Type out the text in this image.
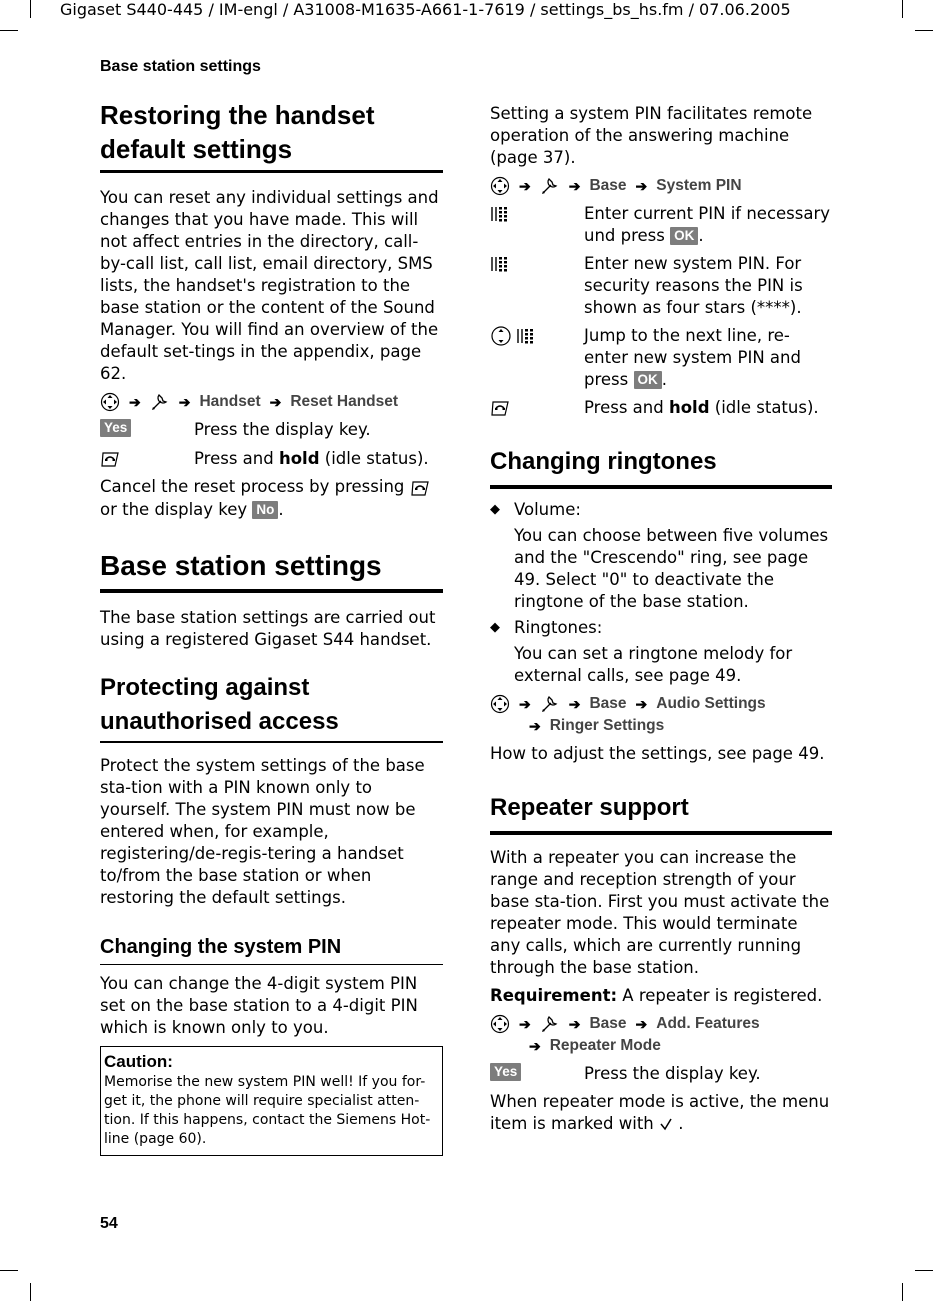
Gigaset S440-445 / IM-engl / A31008-M1635-A661-1-7619 / settings_bs_hs.fm / 07.06.2005
Base station settings
54
Restoring the handset default settings

You can reset any individual settings and changes that you have made. This will not affect entries in the directory, call-by-call list, call list, email directory, SMS lists, the handset's registration to the base station or the content of the Sound Manager. You will find an overview of the default set-tings in the appendix, page 62.

➔	➔ Handset ➔ Reset Handset
Yes	Press the display key.
Press and hold (idle status).

Cancel the reset process by pressing  or the display key No .

Base station settings

The base station settings are carried out using a registered Gigaset S44 handset.

Protecting against unauthorised access

Protect the system settings of the base sta-tion with a PIN known only to yourself. The system PIN must now be entered when, for example, registering/de-regis-tering a handset to/from the base station or when restoring the default settings.

Changing the system PIN

You can change the 4-digit system PIN set on the base station to a 4-digit PIN which is known only to you.

Caution:
Memorise the new system PIN well! If you for-get it, the phone will require specialist atten-tion. If this happens, contact the Siemens Hot-line (page 60).

Setting a system PIN facilitates remote operation of the answering machine (page 37).

➔	➔ Base ➔ System PIN
Enter current PIN if necessary und press OK .
Enter new system PIN. For security reasons the PIN is shown as four stars (****).
Jump to the next line, re-enter new system PIN and press OK .
Press and hold (idle status).
Changing ringtones
◆ Volume:

You can choose between five volumes and the "Crescendo" ring, see page 49. Select "0" to deactivate the ringtone of the base station.

◆ Ringtones:

You can set a ringtone melody for external calls, see page 49.

➔	➔ Base ➔ Audio Settings
➔ Ringer Settings

How to adjust the settings, see page 49.

Repeater support

With a repeater you can increase the range and reception strength of your base sta-tion. First you must activate the repeater mode. This would terminate any calls, which are currently running through the base station.

Requirement: A repeater is registered.

➔	➔ Base ➔ Add. Features
➔ Repeater Mode
Yes	Press the display key.

When repeater mode is active, the menu item is marked with .
